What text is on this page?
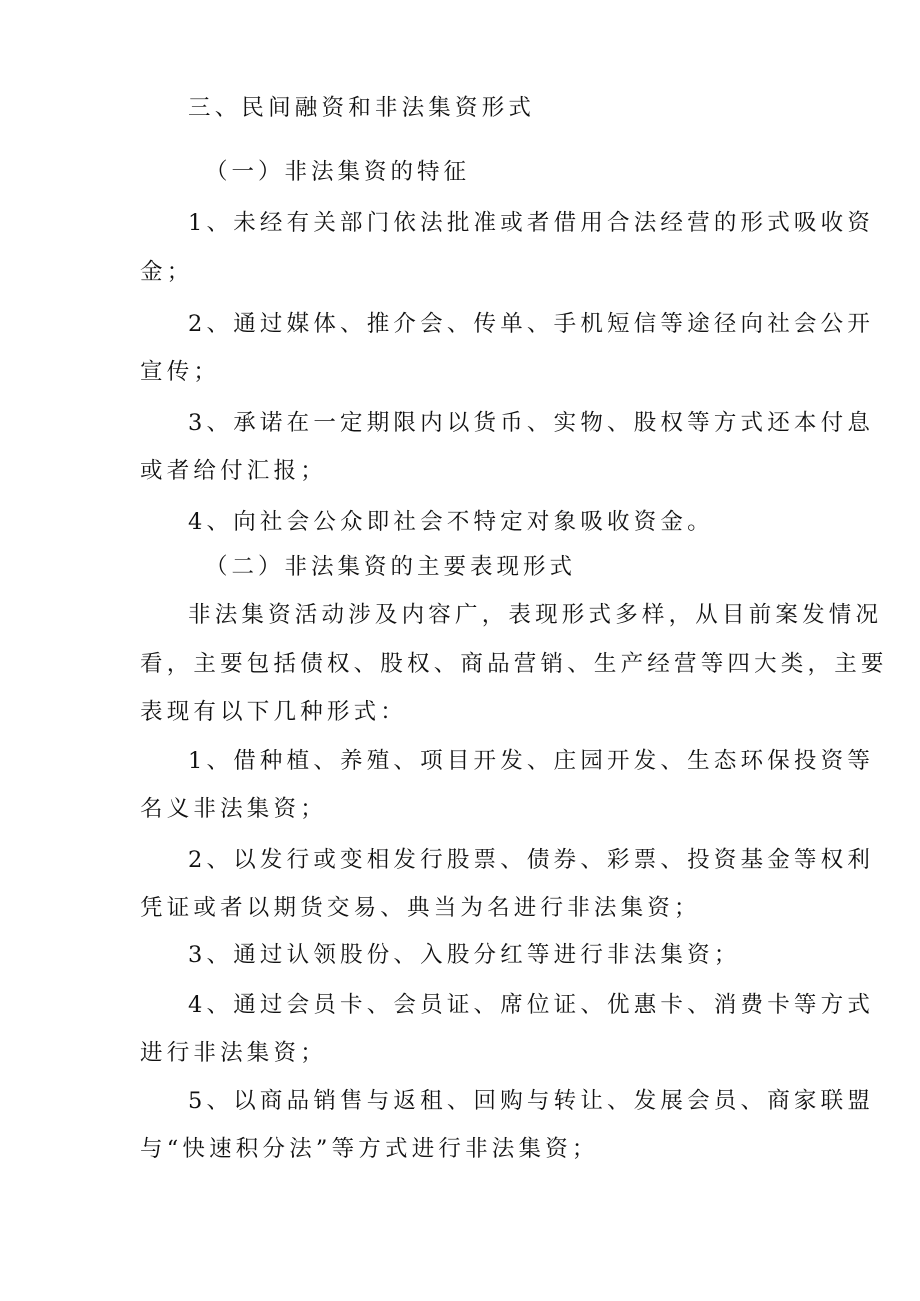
三、民间融资和非法集资形式
（一）非法集资的特征
1、未经有关部门依法批准或者借用合法经营的形式吸收资
金；
2、通过媒体、推介会、传单、手机短信等途径向社会公开
宣传；
3、承诺在一定期限内以货币、实物、股权等方式还本付息
或者给付汇报；
4、向社会公众即社会不特定对象吸收资金。
（二）非法集资的主要表现形式
非法集资活动涉及内容广，表现形式多样，从目前案发情况
看，主要包括债权、股权、商品营销、生产经营等四大类，主要
表现有以下几种形式：
1、借种植、养殖、项目开发、庄园开发、生态环保投资等
名义非法集资；
2、以发行或变相发行股票、债券、彩票、投资基金等权利
凭证或者以期货交易、典当为名进行非法集资；
3、通过认领股份、入股分红等进行非法集资；
4、通过会员卡、会员证、席位证、优惠卡、消费卡等方式
进行非法集资；
5、以商品销售与返租、回购与转让、发展会员、商家联盟
与“快速积分法”等方式进行非法集资；
